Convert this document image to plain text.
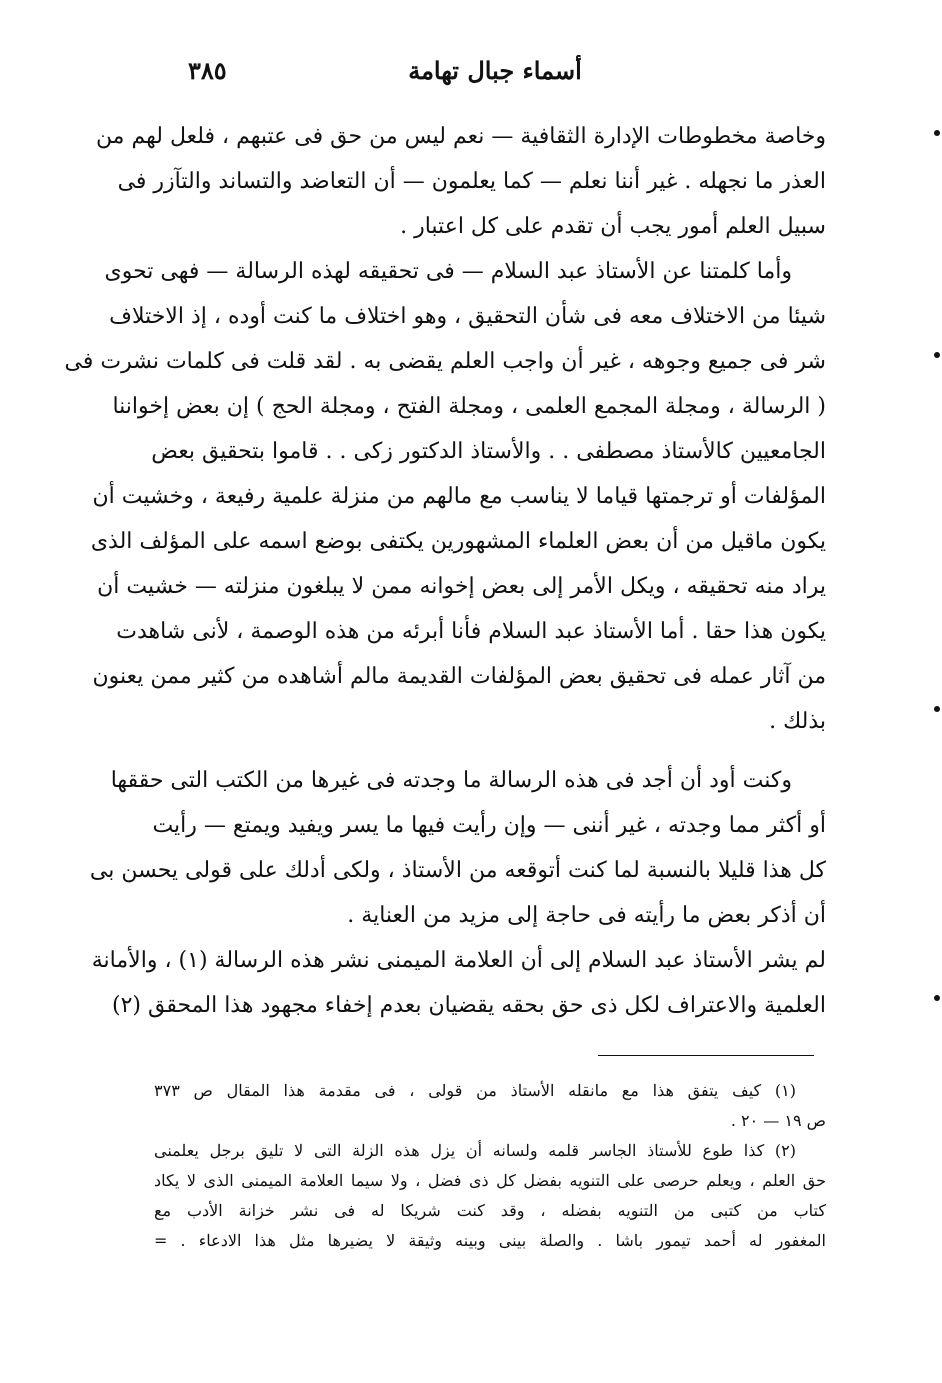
أسماء جبال تهامة
٣٨٥
وخاصة مخطوطات الإدارة الثقافية — نعم ليس من حق فى عتبهم ، فلعل لهم من
العذر ما نجهله . غير أننا نعلم — كما يعلمون — أن التعاضد والتساند والتآزر فى
سبيل العلم أمور يجب أن تقدم على كل اعتبار .
وأما كلمتنا عن الأستاذ عبد السلام — فى تحقيقه لهذه الرسالة — فهى تحوى
شيئا من الاختلاف معه فى شأن التحقيق ، وهو اختلاف ما كنت أوده ، إذ الاختلاف
شر فى جميع وجوهه ، غير أن واجب العلم يقضى به . لقد قلت فى كلمات نشرت فى
( الرسالة ، ومجلة المجمع العلمى ، ومجلة الفتح ، ومجلة الحج ) إن بعض إخواننا
الجامعيين كالأستاذ مصطفى . . والأستاذ الدكتور زكى . . قاموا بتحقيق بعض
المؤلفات أو ترجمتها قياما لا يناسب مع مالهم من منزلة علمية رفيعة ، وخشيت أن
يكون ماقيل من أن بعض العلماء المشهورين يكتفى بوضع اسمه على المؤلف الذى
يراد منه تحقيقه ، ويكل الأمر إلى بعض إخوانه ممن لا يبلغون منزلته — خشيت أن
يكون هذا حقا . أما الأستاذ عبد السلام فأنا أبرئه من هذه الوصمة ، لأنى شاهدت
من آثار عمله فى تحقيق بعض المؤلفات القديمة مالم أشاهده من كثير ممن يعنون
بذلك .
وكنت أود أن أجد فى هذه الرسالة ما وجدته فى غيرها من الكتب التى حققها
أو أكثر مما وجدته ، غير أننى — وإن رأيت فيها ما يسر ويفيد ويمتع — رأيت
كل هذا قليلا بالنسبة لما كنت أتوقعه من الأستاذ ، ولكى أدلك على قولى يحسن بى
أن أذكر بعض ما رأيته فى حاجة إلى مزيد من العناية .
لم يشر الأستاذ عبد السلام إلى أن العلامة الميمنى نشر هذه الرسالة (١) ، والأمانة
العلمية والاعتراف لكل ذى حق بحقه يقضيان بعدم إخفاء مجهود هذا المحقق (٢)
(١) كيف يتفق هذا مع مانقله الأستاذ من قولى ، فى مقدمة هذا المقال ص ٣٧٣
ص ١٩ — ٢٠ .
(٢) كذا طوع للأستاذ الجاسر قلمه ولسانه أن يزل هذه الزلة التى لا تليق برجل يعلمنى
حق العلم ، ويعلم حرصى على التنويه بفضل كل ذى فضل ، ولا سيما العلامة الميمنى الذى لا يكاد
كتاب من كتبى من التنويه بفضله ، وقد كنت شريكا له فى نشر خزانة الأدب مع
المغفور له أحمد تيمور باشا . والصلة بينى وبينه وثيقة لا يضيرها مثل هذا الادعاء . =
